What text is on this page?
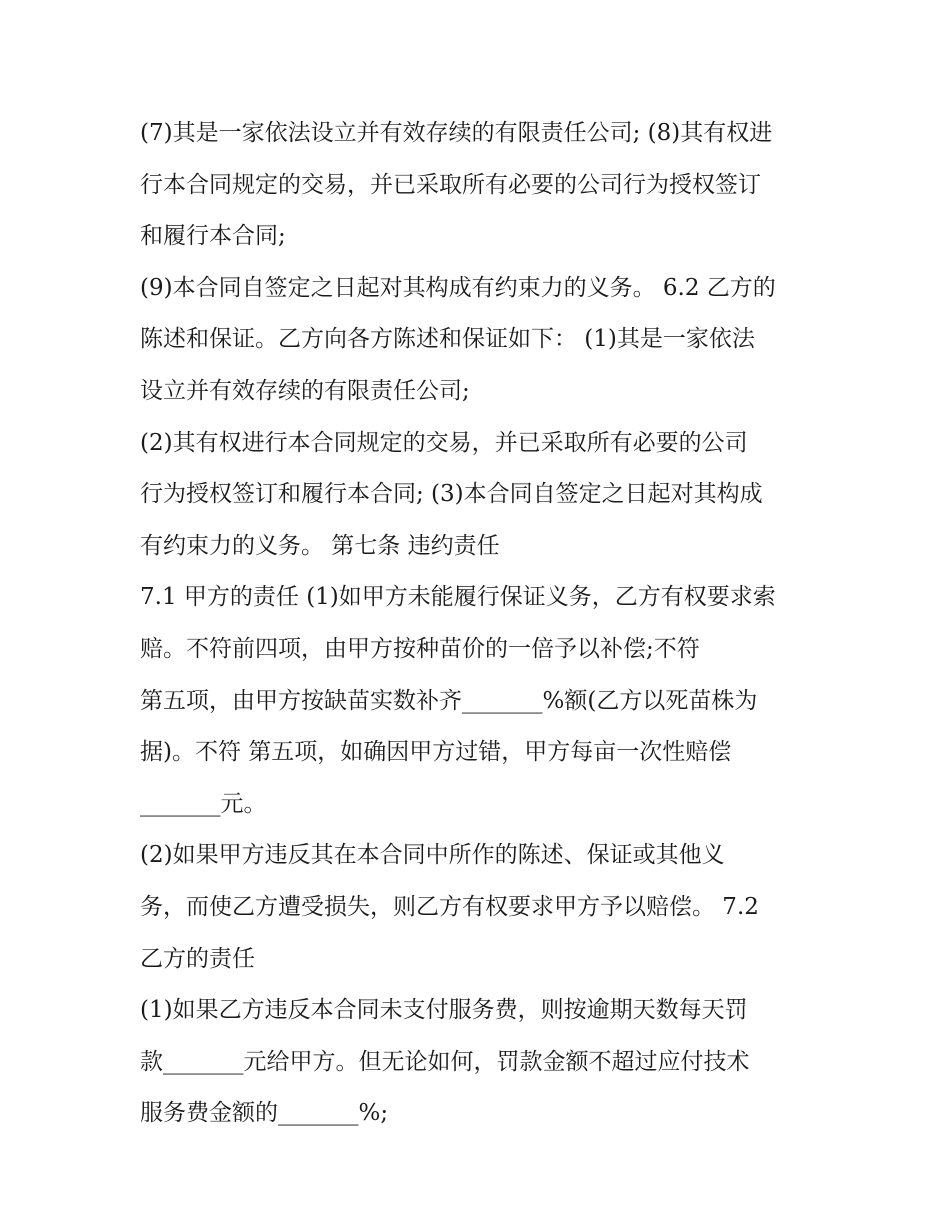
(7)其是一家依法设立并有效存续的有限责任公司; (8)其有权进
行本合同规定的交易，并已采取所有必要的公司行为授权签订
和履行本合同;
(9)本合同自签定之日起对其构成有约束力的义务。 6.2 乙方的
陈述和保证。乙方向各方陈述和保证如下： (1)其是一家依法
设立并有效存续的有限责任公司;
(2)其有权进行本合同规定的交易，并已采取所有必要的公司
行为授权签订和履行本合同; (3)本合同自签定之日起对其构成
有约束力的义务。 第七条 违约责任
7.1 甲方的责任 (1)如甲方未能履行保证义务，乙方有权要求索
赔。不符前四项，由甲方按种苗价的一倍予以补偿;不符
第五项，由甲方按缺苗实数补齐_______%额(乙方以死苗株为
据)。不符 第五项，如确因甲方过错，甲方每亩一次性赔偿
_______元。
(2)如果甲方违反其在本合同中所作的陈述、保证或其他义
务，而使乙方遭受损失，则乙方有权要求甲方予以赔偿。 7.2
乙方的责任
(1)如果乙方违反本合同未支付服务费，则按逾期天数每天罚
款_______元给甲方。但无论如何，罚款金额不超过应付技术
服务费金额的_______%;
